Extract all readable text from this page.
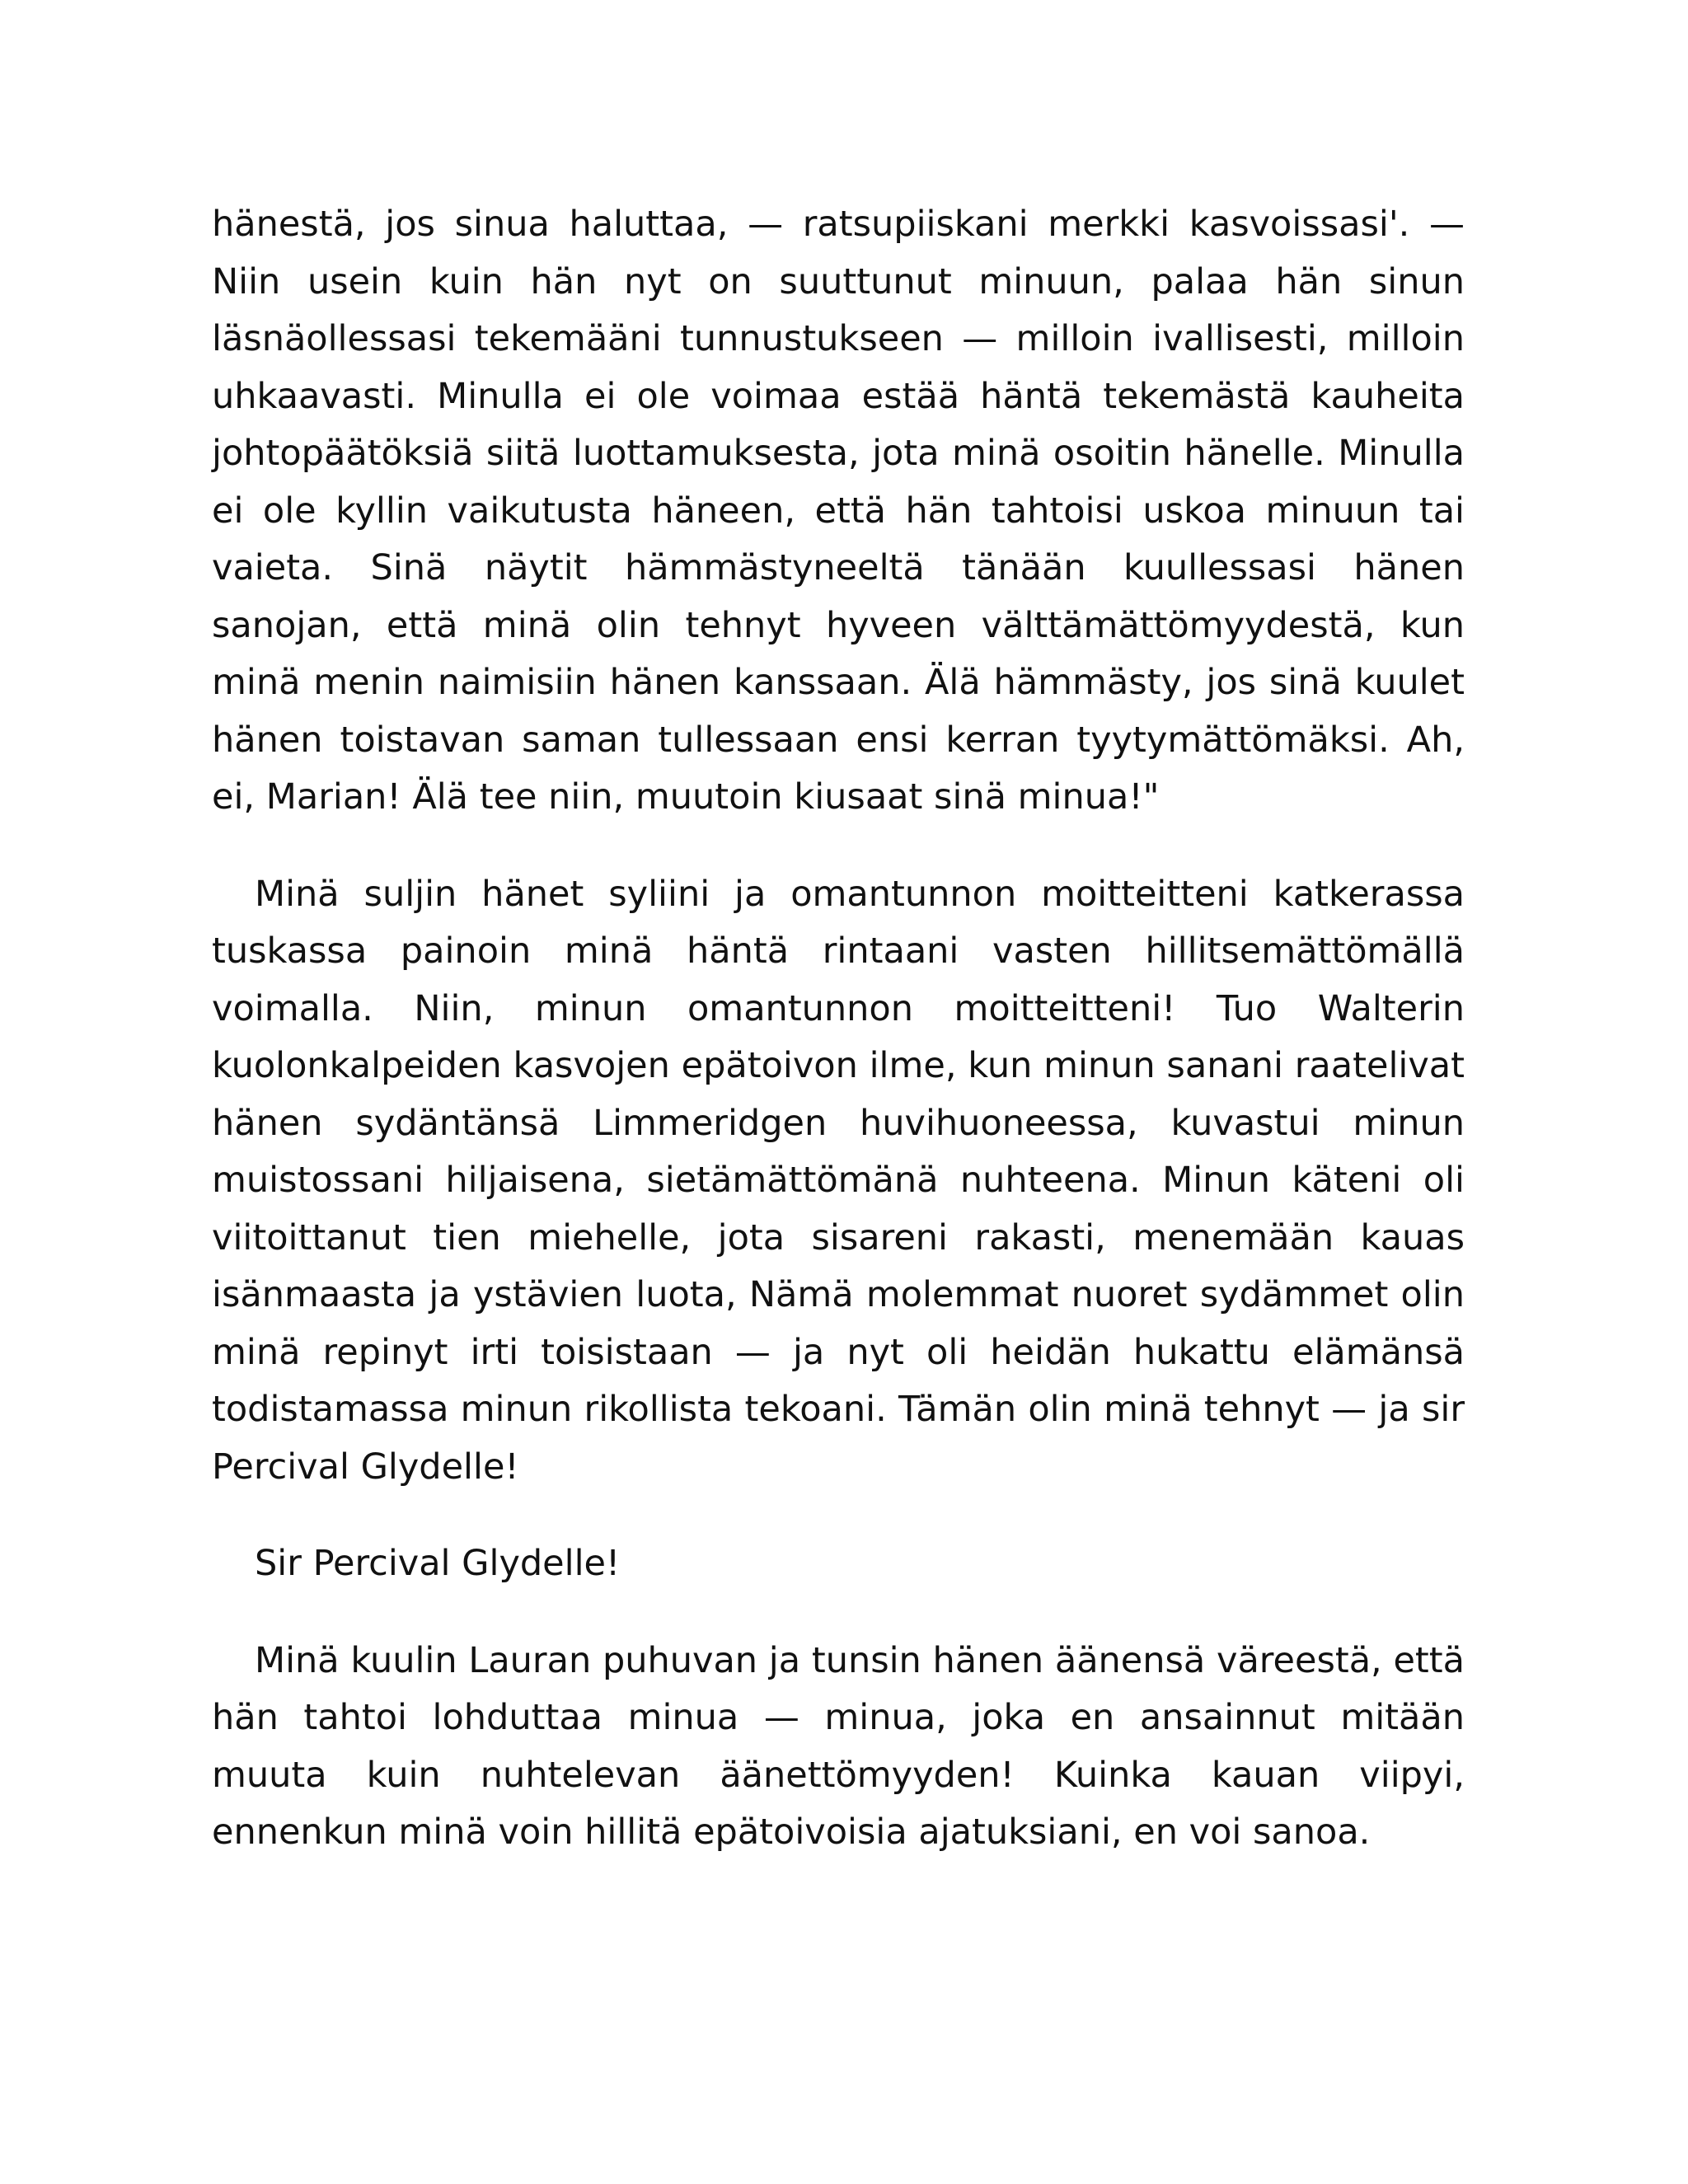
hänestä, jos sinua haluttaa, — ratsupiiskani merkki kasvoissasi'. — Niin usein kuin hän nyt on suuttunut minuun, palaa hän sinun läsnäollessasi tekemääni tunnustukseen — milloin ivallisesti, milloin uhkaavasti. Minulla ei ole voimaa estää häntä tekemästä kauheita johtopäätöksiä siitä luottamuksesta, jota minä osoitin hänelle. Minulla ei ole kyllin vaikutusta häneen, että hän tahtoisi uskoa minuun tai vaieta. Sinä näytit hämmästyneeltä tänään kuullessasi hänen sanojan, että minä olin tehnyt hyveen välttämättömyydestä, kun minä menin naimisiin hänen kanssaan. Älä hämmästy, jos sinä kuulet hänen toistavan saman tullessaan ensi kerran tyytymättömäksi. Ah, ei, Marian! Älä tee niin, muutoin kiusaat sinä minua!"

Minä suljin hänet syliini ja omantunnon moitteitteni katkerassa tuskassa painoin minä häntä rintaani vasten hillitsemättömällä voimalla. Niin, minun omantunnon moitteitteni! Tuo Walterin kuolonkalpeiden kasvojen epätoivon ilme, kun minun sanani raatelivat hänen sydäntänsä Limmeridgen huvihuoneessa, kuvastui minun muistossani hiljaisena, sietämättömänä nuhteena. Minun käteni oli viitoittanut tien miehelle, jota sisareni rakasti, menemään kauas isänmaasta ja ystävien luota, Nämä molemmat nuoret sydämmet olin minä repinyt irti toisistaan — ja nyt oli heidän hukattu elämänsä todistamassa minun rikollista tekoani. Tämän olin minä tehnyt — ja sir Percival Glydelle!

Sir Percival Glydelle!

Minä kuulin Lauran puhuvan ja tunsin hänen äänensä väreestä, että hän tahtoi lohduttaa minua — minua, joka en ansainnut mitään muuta kuin nuhtelevan äänettömyyden! Kuinka kauan viipyi, ennenkun minä voin hillitä epätoivoisia ajatuksiani, en voi sanoa.
